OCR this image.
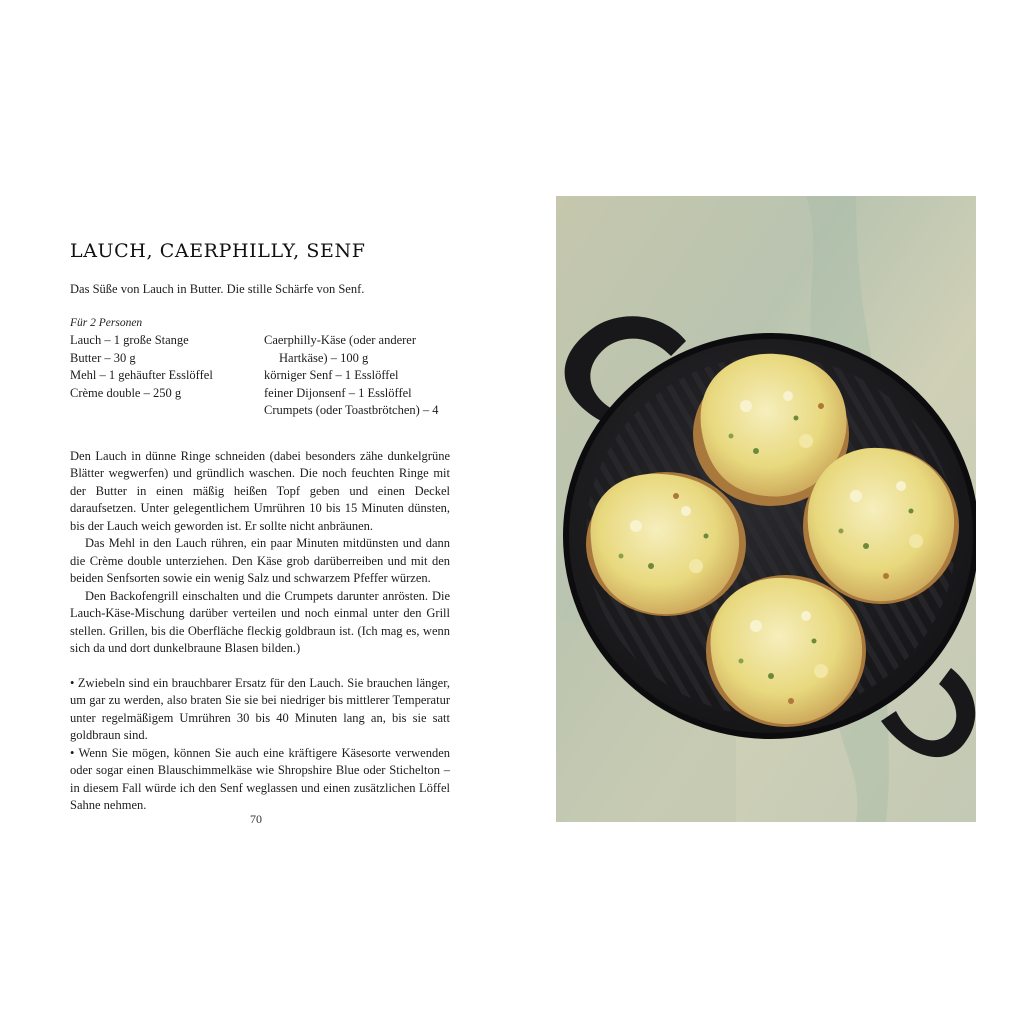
LAUCH, CAERPHILLY, SENF

Das Süße von Lauch in Butter. Die stille Schärfe von Senf.

Für 2 Personen

Lauch – 1 große Stange
Butter – 30 g
Mehl – 1 gehäufter Esslöffel
Crème double – 250 g
Caerphilly-Käse (oder anderer
Hartkäse) – 100 g
körniger Senf – 1 Esslöffel
feiner Dijonsenf – 1 Esslöffel
Crumpets (oder Toastbrötchen) – 4

Den Lauch in dünne Ringe schneiden (dabei besonders zähe dunkelgrüne Blätter wegwerfen) und gründlich waschen. Die noch feuchten Ringe mit der Butter in einen mäßig heißen Topf geben und einen Deckel daraufsetzen. Unter gelegentlichem Umrühren 10 bis 15 Minuten dünsten, bis der Lauch weich geworden ist. Er sollte nicht anbräunen.

Das Mehl in den Lauch rühren, ein paar Minuten mitdünsten und dann die Crème double unterziehen. Den Käse grob darüberreiben und mit den beiden Senfsorten sowie ein wenig Salz und schwarzem Pfeffer würzen.

Den Backofengrill einschalten und die Crumpets darunter anrösten. Die Lauch-Käse-Mischung darüber verteilen und noch einmal unter den Grill stellen. Grillen, bis die Oberfläche fleckig goldbraun ist. (Ich mag es, wenn sich da und dort dunkelbraune Blasen bilden.)

• Zwiebeln sind ein brauchbarer Ersatz für den Lauch. Sie brauchen länger, um gar zu werden, also braten Sie sie bei niedriger bis mittlerer Temperatur unter regelmäßigem Umrühren 30 bis 40 Minuten lang an, bis sie satt goldbraun sind.

• Wenn Sie mögen, können Sie auch eine kräftigere Käsesorte verwenden oder sogar einen Blauschimmelkäse wie Shropshire Blue oder Stichelton – in diesem Fall würde ich den Senf weglassen und einen zusätzlichen Löffel Sahne nehmen.

70
